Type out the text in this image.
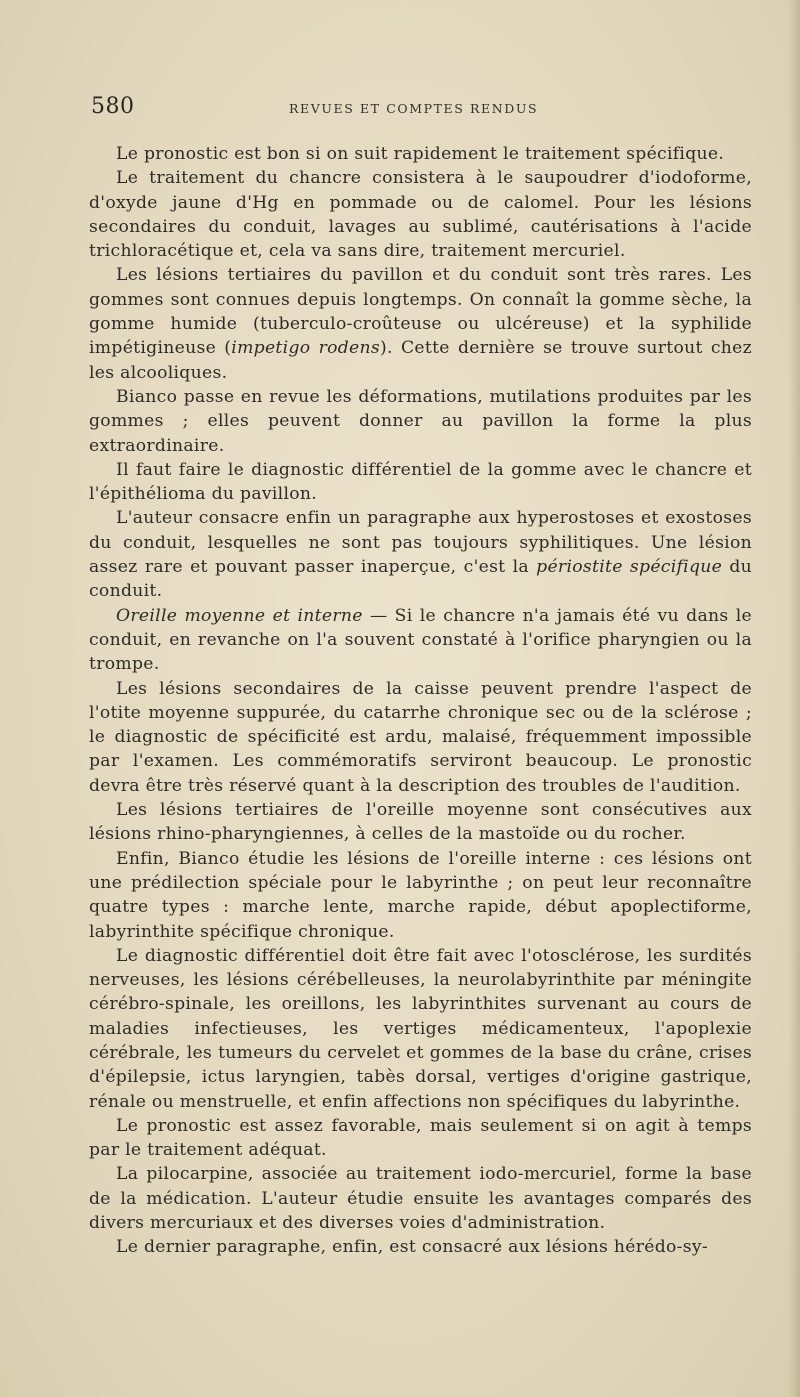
580	REVUES ET COMPTES RENDUS

Le pronostic est bon si on suit rapidement le traitement spécifique.

Le traitement du chancre consistera à le saupoudrer d'iodoforme, d'oxyde jaune d'Hg en pommade ou de calomel. Pour les lésions secondaires du conduit, lavages au sublimé, cautérisations à l'acide trichloracétique et, cela va sans dire, traitement mercuriel.

Les lésions tertiaires du pavillon et du conduit sont très rares. Les gommes sont connues depuis longtemps. On connaît la gomme sèche, la gomme humide (tuberculo-croûteuse ou ulcéreuse) et la syphilide impétigineuse (impetigo rodens). Cette dernière se trouve surtout chez les alcooliques.

Bianco passe en revue les déformations, mutilations produites par les gommes ; elles peuvent donner au pavillon la forme la plus extraordinaire.

Il faut faire le diagnostic différentiel de la gomme avec le chancre et l'épithélioma du pavillon.

L'auteur consacre enfin un paragraphe aux hyperostoses et exostoses du conduit, lesquelles ne sont pas toujours syphilitiques. Une lésion assez rare et pouvant passer inaperçue, c'est la périostite spécifique du conduit.

Oreille moyenne et interne — Si le chancre n'a jamais été vu dans le conduit, en revanche on l'a souvent constaté à l'orifice pharyngien ou la trompe.

Les lésions secondaires de la caisse peuvent prendre l'aspect de l'otite moyenne suppurée, du catarrhe chronique sec ou de la sclérose ; le diagnostic de spécificité est ardu, malaisé, fréquemment impossible par l'examen. Les commémoratifs serviront beaucoup. Le pronostic devra être très réservé quant à la description des troubles de l'audition.

Les lésions tertiaires de l'oreille moyenne sont consécutives aux lésions rhino-pharyngiennes, à celles de la mastoïde ou du rocher.

Enfin, Bianco étudie les lésions de l'oreille interne : ces lésions ont une prédilection spéciale pour le labyrinthe ; on peut leur reconnaître quatre types : marche lente, marche rapide, début apoplectiforme, labyrinthite spécifique chronique.

Le diagnostic différentiel doit être fait avec l'otosclérose, les surdités nerveuses, les lésions cérébelleuses, la neurolabyrinthite par méningite cérébro-spinale, les oreillons, les labyrinthites survenant au cours de maladies infectieuses, les vertiges médicamenteux, l'apoplexie cérébrale, les tumeurs du cervelet et gommes de la base du crâne, crises d'épilepsie, ictus laryngien, tabès dorsal, vertiges d'origine gastrique, rénale ou menstruelle, et enfin affections non spécifiques du labyrinthe.

Le pronostic est assez favorable, mais seulement si on agit à temps par le traitement adéquat.

La pilocarpine, associée au traitement iodo-mercuriel, forme la base de la médication. L'auteur étudie ensuite les avantages comparés des divers mercuriaux et des diverses voies d'administration.

Le dernier paragraphe, enfin, est consacré aux lésions hérédo-sy-
